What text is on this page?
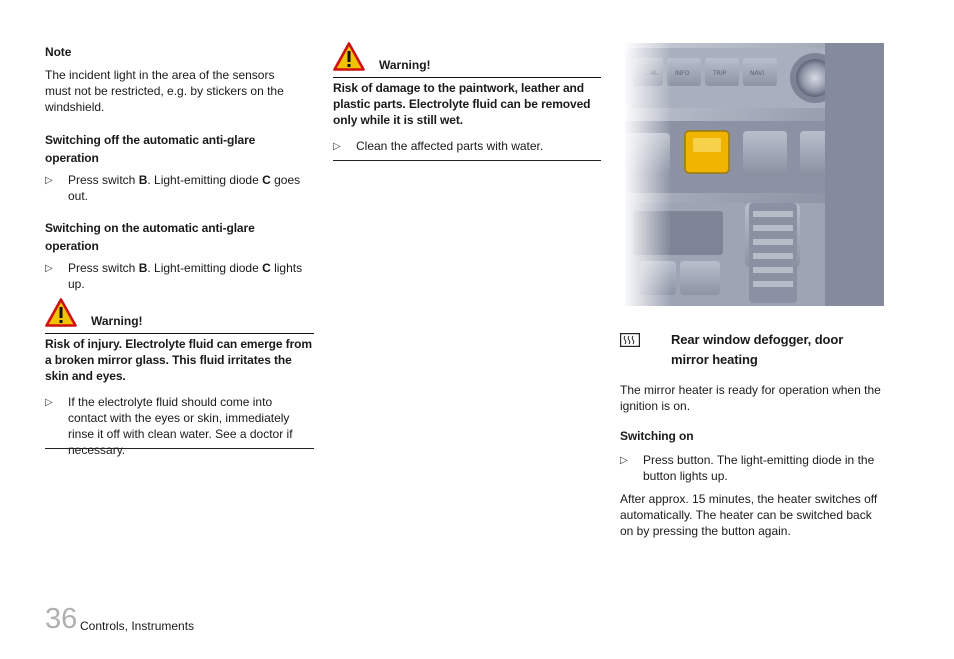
Note

The incident light in the area of the sensors must not be restricted, e.g. by stickers on the windshield.

Switching off the automatic anti-glare operation
▷	Press switch B. Light-emitting diode C goes out.
Switching on the automatic anti-glare operation
▷	Press switch B. Light-emitting diode C lights up.
Warning!

Risk of injury. Electrolyte fluid can emerge from a broken mirror glass. This fluid irritates the skin and eyes.

▷	If the electrolyte fluid should come into contact with the eyes or skin, immediately rinse it off with clean water. See a doctor if necessary.
Warning!

Risk of damage to the paintwork, leather and plastic parts. Electrolyte fluid can be removed only while it is still wet.

▷	Clean the affected parts with water.
Rear window defogger, door mirror heating

The mirror heater is ready for operation when the ignition is on.

Switching on
▷	Press button. The light-emitting diode in the button lights up.

After approx. 15 minutes, the heater switches off automatically. The heater can be switched back on by pressing the button again.

36 Controls, Instruments
